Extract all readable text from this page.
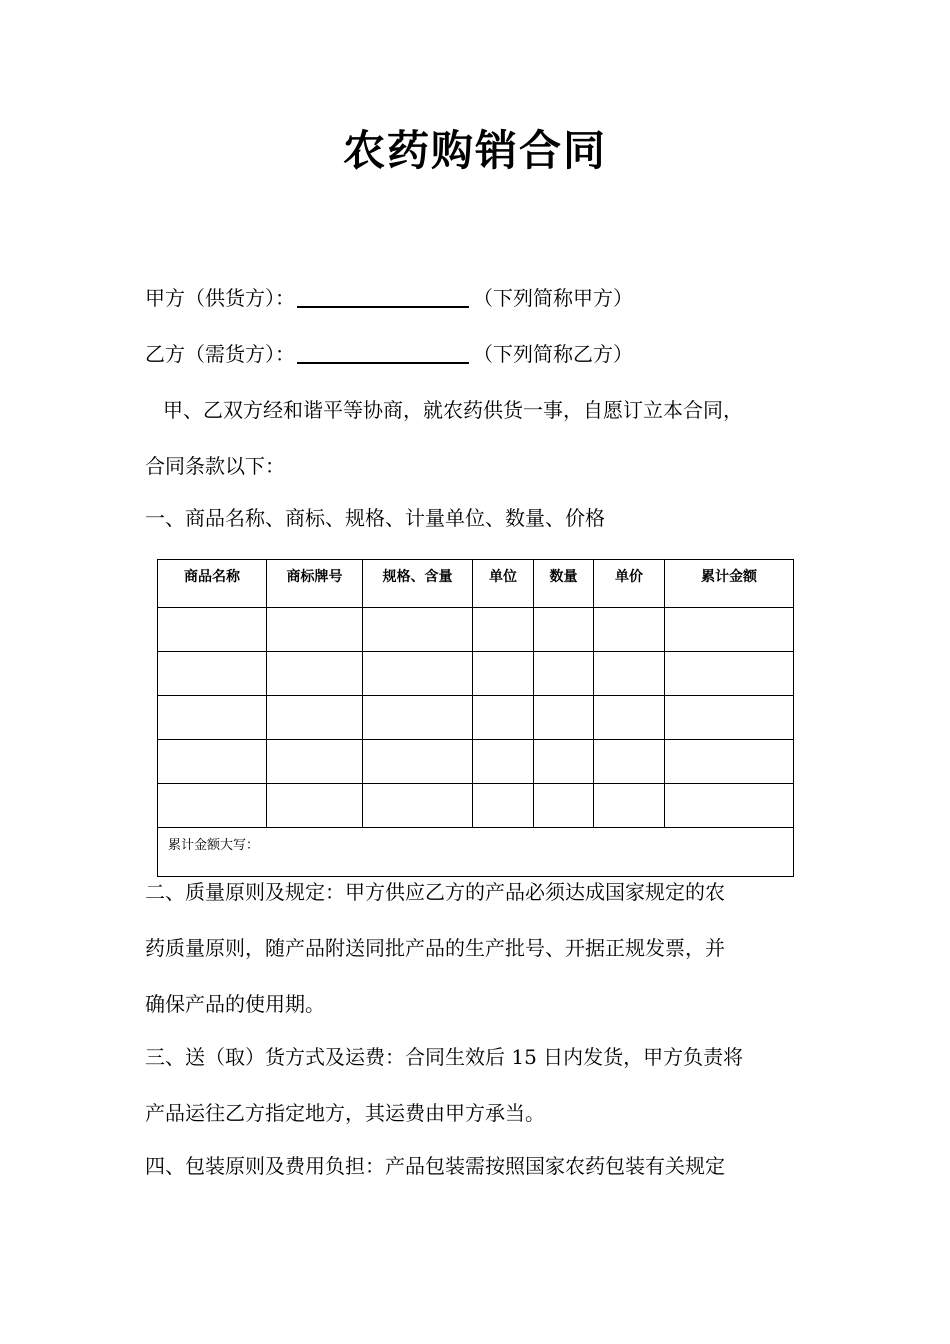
农药购销合同
甲方（供货方）：	（下列简称甲方）
乙方（需货方）：	（下列简称乙方）
甲、乙双方经和谐平等协商，就农药供货一事，自愿订立本合同，
合同条款以下：
一、商品名称、商标、规格、计量单位、数量、价格
商品名称	商标牌号	规格、含量	单位	数量	单价	累计金额

累计金额大写：						
二、质量原则及规定：甲方供应乙方的产品必须达成国家规定的农
药质量原则，随产品附送同批产品的生产批号、开据正规发票，并
确保产品的使用期。
三、送（取）货方式及运费：合同生效后 15 日内发货，甲方负责将
产品运往乙方指定地方，其运费由甲方承当。
四、包装原则及费用负担：产品包装需按照国家农药包装有关规定
